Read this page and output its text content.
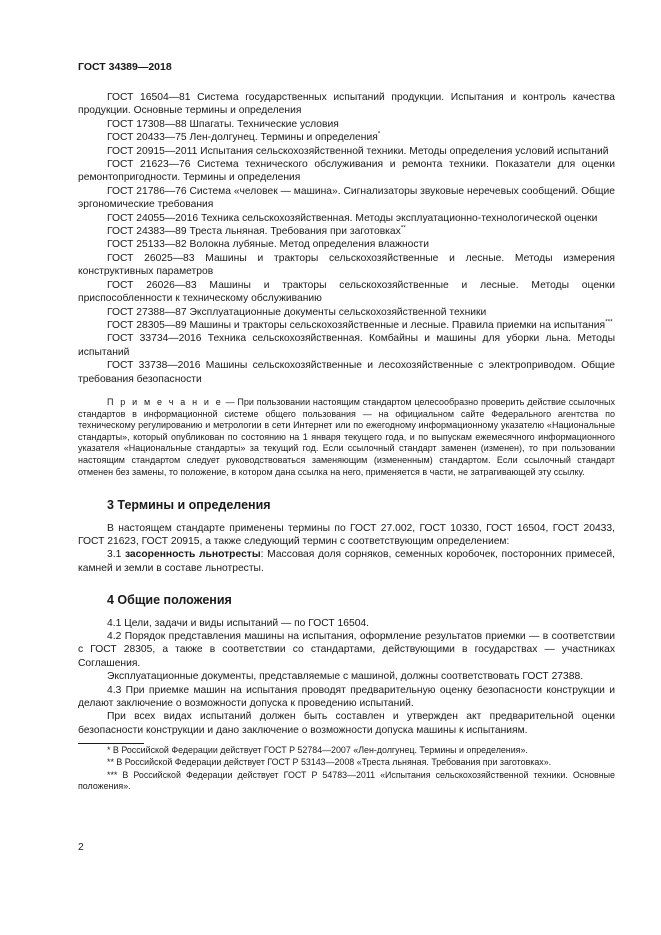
ГОСТ 34389—2018

ГОСТ 16504—81 Система государственных испытаний продукции. Испытания и контроль качества продукции. Основные термины и определения

ГОСТ 17308—88 Шпагаты. Технические условия

ГОСТ 20433—75 Лен-долгунец. Термины и определения*

ГОСТ 20915—2011 Испытания сельскохозяйственной техники. Методы определения условий испытаний

ГОСТ 21623—76 Система технического обслуживания и ремонта техники. Показатели для оценки ремонтопригодности. Термины и определения

ГОСТ 21786—76 Система «человек — машина». Сигнализаторы звуковые неречевых сообщений. Общие эргономические требования

ГОСТ 24055—2016 Техника сельскохозяйственная. Методы эксплуатационно-технологической оценки

ГОСТ 24383—89 Треста льняная. Требования при заготовках**

ГОСТ 25133—82 Волокна лубяные. Метод определения влажности

ГОСТ 26025—83 Машины и тракторы сельскохозяйственные и лесные. Методы измерения конструктивных параметров

ГОСТ 26026—83 Машины и тракторы сельскохозяйственные и лесные. Методы оценки приспособленности к техническому обслуживанию

ГОСТ 27388—87 Эксплуатационные документы сельскохозяйственной техники

ГОСТ 28305—89 Машины и тракторы сельскохозяйственные и лесные. Правила приемки на испытания***

ГОСТ 33734—2016 Техника сельскохозяйственная. Комбайны и машины для уборки льна. Методы испытаний

ГОСТ 33738—2016 Машины сельскохозяйственные и лесохозяйственные с электроприводом. Общие требования безопасности

П р и м е ч а н и е — При пользовании настоящим стандартом целесообразно проверить действие ссылочных стандартов в информационной системе общего пользования — на официальном сайте Федерального агентства по техническому регулированию и метрологии в сети Интернет или по ежегодному информационному указателю «Национальные стандарты», который опубликован по состоянию на 1 января текущего года, и по выпускам ежемесячного информационного указателя «Национальные стандарты» за текущий год. Если ссылочный стандарт заменен (изменен), то при пользовании настоящим стандартом следует руководствоваться заменяющим (измененным) стандартом. Если ссылочный стандарт отменен без замены, то положение, в котором дана ссылка на него, применяется в части, не затрагивающей эту ссылку.

3 Термины и определения

В настоящем стандарте применены термины по ГОСТ 27.002, ГОСТ 10330, ГОСТ 16504, ГОСТ 20433, ГОСТ 21623, ГОСТ 20915, а также следующий термин с соответствующим определением:

3.1 засоренность льнотресты: Массовая доля сорняков, семенных коробочек, посторонних примесей, камней и земли в составе льнотресты.

4 Общие положения

4.1 Цели, задачи и виды испытаний — по ГОСТ 16504.

4.2 Порядок представления машины на испытания, оформление результатов приемки — в соответствии с ГОСТ 28305, а также в соответствии со стандартами, действующими в государствах — участниках Соглашения.

Эксплуатационные документы, представляемые с машиной, должны соответствовать ГОСТ 27388.

4.3 При приемке машин на испытания проводят предварительную оценку безопасности конструкции и делают заключение о возможности допуска к проведению испытаний.

При всех видах испытаний должен быть составлен и утвержден акт предварительной оценки безопасности конструкции и дано заключение о возможности допуска машины к испытаниям.

* В Российской Федерации действует ГОСТ Р 52784—2007 «Лен-долгунец. Термины и определения».

** В Российской Федерации действует ГОСТ Р 53143—2008 «Треста льняная. Требования при заготовках».

*** В Российской Федерации действует ГОСТ Р 54783—2011 «Испытания сельскохозяйственной техники. Основные положения».

2
